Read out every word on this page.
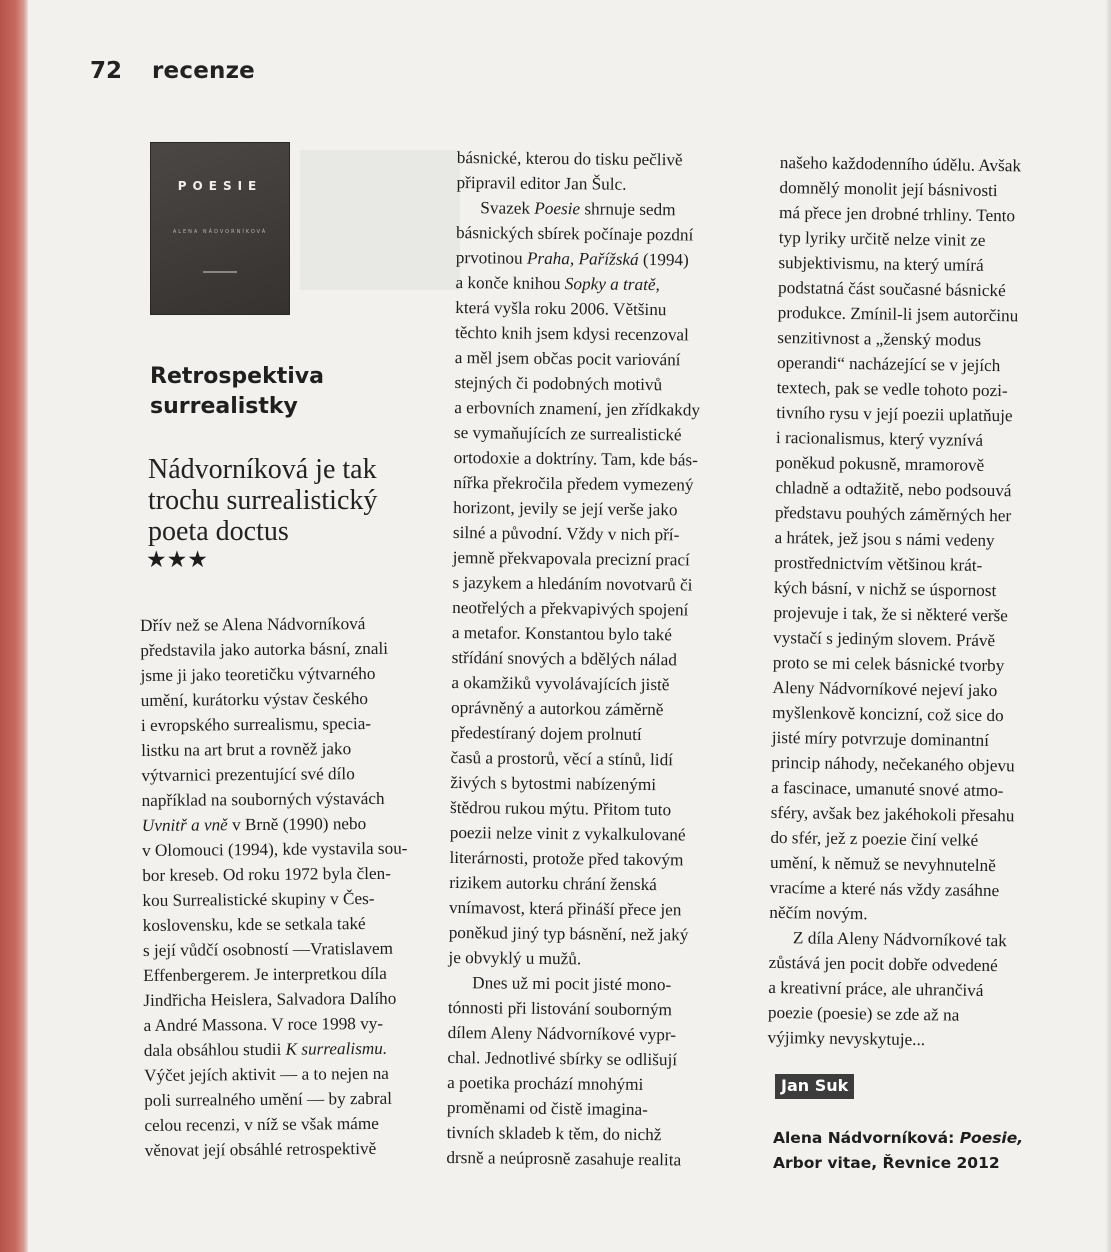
72 recenze
POESIE
ALENA NÁDVORNÍKOVÁ
Retrospektiva
surrealistky
Nádvorníková je tak
trochu surrealistický
poeta doctus
★★★
Dřív než se Alena Nádvorníková
představila jako autorka básní, znali
jsme ji jako teoretičku výtvarného
umění, kurátorku výstav českého
i evropského surrealismu, specia-
listku na art brut a rovněž jako
výtvarnici prezentující své dílo
například na souborných výstavách
Uvnitř a vně v Brně (1990) nebo
v Olomouci (1994), kde vystavila sou-
bor kreseb. Od roku 1972 byla člen-
kou Surrealistické skupiny v Čes-
koslovensku, kde se setkala také
s její vůdčí osobností —Vratislavem
Effenbergerem. Je interpretkou díla
Jindřicha Heislera, Salvadora Dalího
a André Massona. V roce 1998 vy-
dala obsáhlou studii K surrealismu.
Výčet jejích aktivit — a to nejen na
poli surrealného umění — by zabral
celou recenzi, v níž se však máme
věnovat její obsáhlé retrospektivě
básnické, kterou do tisku pečlivě
připravil editor Jan Šulc.
Svazek Poesie shrnuje sedm
básnických sbírek počínaje pozdní
prvotinou Praha, Pařížská (1994)
a konče knihou Sopky a tratě,
která vyšla roku 2006. Většinu
těchto knih jsem kdysi recenzoval
a měl jsem občas pocit variování
stejných či podobných motivů
a erbovních znamení, jen zřídkakdy
se vymaňujících ze surrealistické
ortodoxie a doktríny. Tam, kde bás-
nířka překročila předem vymezený
horizont, jevily se její verše jako
silné a původní. Vždy v nich pří-
jemně překvapovala precizní prací
s jazykem a hledáním novotvarů či
neotřelých a překvapivých spojení
a metafor. Konstantou bylo také
střídání snových a bdělých nálad
a okamžiků vyvolávajících jistě
oprávněný a autorkou záměrně
předestíraný dojem prolnutí
časů a prostorů, věcí a stínů, lidí
živých s bytostmi nabízenými
štědrou rukou mýtu. Přitom tuto
poezii nelze vinit z vykalkulované
literárnosti, protože před takovým
rizikem autorku chrání ženská
vnímavost, která přináší přece jen
poněkud jiný typ básnění, než jaký
je obvyklý u mužů.
Dnes už mi pocit jisté mono-
tónnosti při listování souborným
dílem Aleny Nádvorníkové vypr-
chal. Jednotlivé sbírky se odlišují
a poetika prochází mnohými
proměnami od čistě imagina-
tivních skladeb k těm, do nichž
drsně a neúprosně zasahuje realita
našeho každodenního údělu. Avšak
domnělý monolit její básnivosti
má přece jen drobné trhliny. Tento
typ lyriky určitě nelze vinit ze
subjektivismu, na který umírá
podstatná část současné básnické
produkce. Zmínil-li jsem autorčinu
senzitivnost a „ženský modus
operandi“ nacházející se v jejích
textech, pak se vedle tohoto pozi-
tivního rysu v její poezii uplatňuje
i racionalismus, který vyznívá
poněkud pokusně, mramorově
chladně a odtažitě, nebo podsouvá
představu pouhých záměrných her
a hrátek, jež jsou s námi vedeny
prostřednictvím většinou krát-
kých básní, v nichž se úspornost
projevuje i tak, že si některé verše
vystačí s jediným slovem. Právě
proto se mi celek básnické tvorby
Aleny Nádvorníkové nejeví jako
myšlenkově koncizní, což sice do
jisté míry potvrzuje dominantní
princip náhody, nečekaného objevu
a fascinace, umanuté snové atmo-
sféry, avšak bez jakéhokoli přesahu
do sfér, jež z poezie činí velké
umění, k němuž se nevyhnutelně
vracíme a které nás vždy zasáhne
něčím novým.
Z díla Aleny Nádvorníkové tak
zůstává jen pocit dobře odvedené
a kreativní práce, ale uhrančivá
poezie (poesie) se zde až na
výjimky nevyskytuje...
Jan Suk
Alena Nádvorníková: Poesie,
Arbor vitae, Řevnice 2012
